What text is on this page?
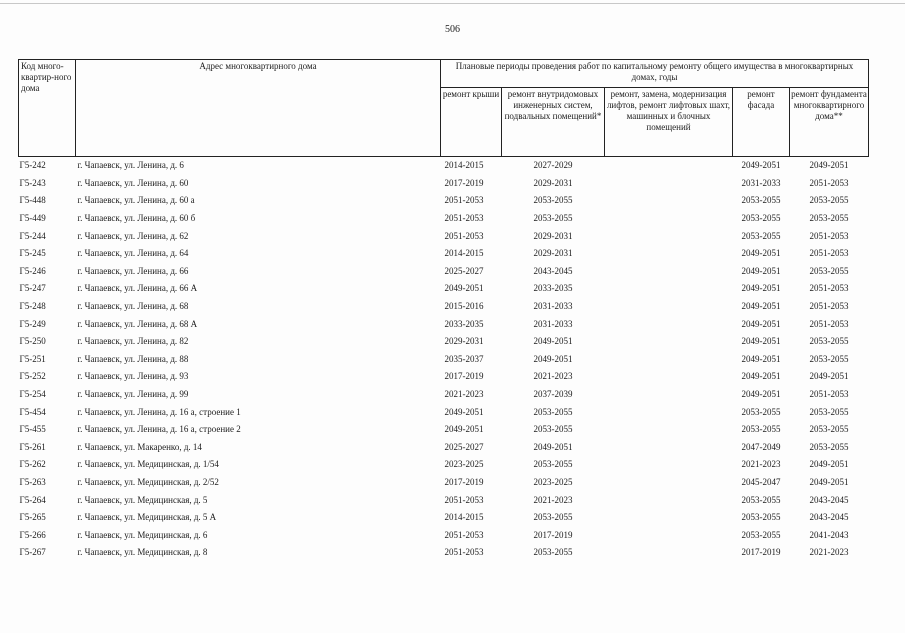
506
Код много-квартир-ного дома	Адрес многоквартирного дома	Плановые периоды проведения работ по капитальному ремонту общего имущества в многоквартирных домах, годы				
		ремонт крыши	ремонт внутридомовых инженерных систем, подвальных помещений*	ремонт, замена, модернизация лифтов, ремонт лифтовых шахт, машинных и блочных помещений	ремонт фасада	ремонт фундамента многоквартирного дома**
Г5-242	г. Чапаевск, ул. Ленина, д. 6	2014-2015	2027-2029		2049-2051	2049-2051
Г5-243	г. Чапаевск, ул. Ленина, д. 60	2017-2019	2029-2031		2031-2033	2051-2053
Г5-448	г. Чапаевск, ул. Ленина, д. 60 а	2051-2053	2053-2055		2053-2055	2053-2055
Г5-449	г. Чапаевск, ул. Ленина, д. 60 б	2051-2053	2053-2055		2053-2055	2053-2055
Г5-244	г. Чапаевск, ул. Ленина, д. 62	2051-2053	2029-2031		2053-2055	2051-2053
Г5-245	г. Чапаевск, ул. Ленина, д. 64	2014-2015	2029-2031		2049-2051	2051-2053
Г5-246	г. Чапаевск, ул. Ленина, д. 66	2025-2027	2043-2045		2049-2051	2053-2055
Г5-247	г. Чапаевск, ул. Ленина, д. 66 А	2049-2051	2033-2035		2049-2051	2051-2053
Г5-248	г. Чапаевск, ул. Ленина, д. 68	2015-2016	2031-2033		2049-2051	2051-2053
Г5-249	г. Чапаевск, ул. Ленина, д. 68 А	2033-2035	2031-2033		2049-2051	2051-2053
Г5-250	г. Чапаевск, ул. Ленина, д. 82	2029-2031	2049-2051		2049-2051	2053-2055
Г5-251	г. Чапаевск, ул. Ленина, д. 88	2035-2037	2049-2051		2049-2051	2053-2055
Г5-252	г. Чапаевск, ул. Ленина, д. 93	2017-2019	2021-2023		2049-2051	2049-2051
Г5-254	г. Чапаевск, ул. Ленина, д. 99	2021-2023	2037-2039		2049-2051	2051-2053
Г5-454	г. Чапаевск, ул. Ленина, д. 16 а, строение 1	2049-2051	2053-2055		2053-2055	2053-2055
Г5-455	г. Чапаевск, ул. Ленина, д. 16 а, строение 2	2049-2051	2053-2055		2053-2055	2053-2055
Г5-261	г. Чапаевск, ул. Макаренко, д. 14	2025-2027	2049-2051		2047-2049	2053-2055
Г5-262	г. Чапаевск, ул. Медицинская, д. 1/54	2023-2025	2053-2055		2021-2023	2049-2051
Г5-263	г. Чапаевск, ул. Медицинская, д. 2/52	2017-2019	2023-2025		2045-2047	2049-2051
Г5-264	г. Чапаевск, ул. Медицинская, д. 5	2051-2053	2021-2023		2053-2055	2043-2045
Г5-265	г. Чапаевск, ул. Медицинская, д. 5 А	2014-2015	2053-2055		2053-2055	2043-2045
Г5-266	г. Чапаевск, ул. Медицинская, д. 6	2051-2053	2017-2019		2053-2055	2041-2043
Г5-267	г. Чапаевск, ул. Медицинская, д. 8	2051-2053	2053-2055		2017-2019	2021-2023
